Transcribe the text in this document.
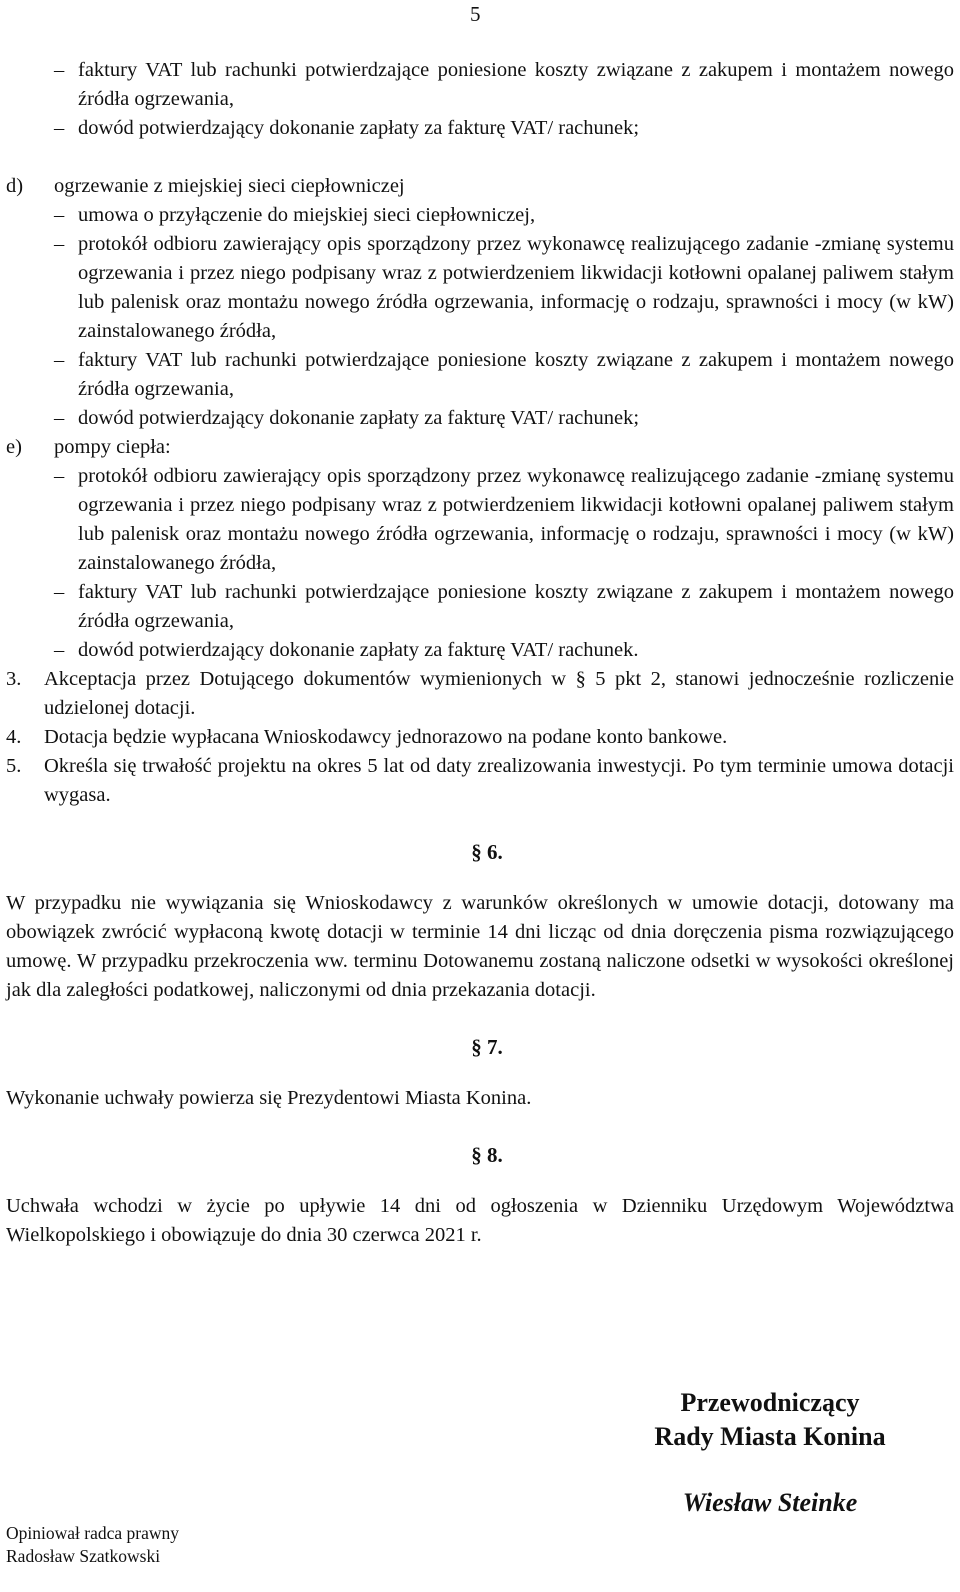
5
– faktury VAT lub rachunki potwierdzające poniesione koszty związane z zakupem i montażem nowego źródła ogrzewania,
– dowód potwierdzający dokonanie zapłaty za fakturę VAT/ rachunek;
d) ogrzewanie z miejskiej sieci ciepłowniczej
– umowa o przyłączenie do miejskiej sieci ciepłowniczej,
– protokół odbioru zawierający opis sporządzony przez wykonawcę realizującego zadanie -zmianę systemu ogrzewania i przez niego podpisany wraz z potwierdzeniem likwidacji kotłowni opalanej paliwem stałym lub palenisk oraz montażu nowego źródła ogrzewania, informację o rodzaju, sprawności i mocy (w kW) zainstalowanego źródła,
– faktury VAT lub rachunki potwierdzające poniesione koszty związane z zakupem i montażem nowego źródła ogrzewania,
– dowód potwierdzający dokonanie zapłaty za fakturę VAT/ rachunek;
e) pompy ciepła:
– protokół odbioru zawierający opis sporządzony przez wykonawcę realizującego zadanie -zmianę systemu ogrzewania i przez niego podpisany wraz z potwierdzeniem likwidacji kotłowni opalanej paliwem stałym lub palenisk oraz montażu nowego źródła ogrzewania, informację o rodzaju, sprawności i mocy (w kW) zainstalowanego źródła,
– faktury VAT lub rachunki potwierdzające poniesione koszty związane z zakupem i montażem nowego źródła ogrzewania,
– dowód potwierdzający dokonanie zapłaty za fakturę VAT/ rachunek.
3. Akceptacja przez Dotującego dokumentów wymienionych w § 5 pkt 2, stanowi jednocześnie rozliczenie udzielonej dotacji.
4. Dotacja będzie wypłacana Wnioskodawcy jednorazowo na podane konto bankowe.
5. Określa się trwałość projektu na okres 5 lat od daty zrealizowania inwestycji. Po tym terminie umowa dotacji wygasa.
§ 6.
W przypadku nie wywiązania się Wnioskodawcy z warunków określonych w umowie dotacji, dotowany ma obowiązek zwrócić wypłaconą kwotę dotacji w terminie 14 dni licząc od dnia doręczenia pisma rozwiązującego umowę. W przypadku przekroczenia ww. terminu Dotowanemu zostaną naliczone odsetki w wysokości określonej jak dla zaległości podatkowej, naliczonymi od dnia przekazania dotacji.
§ 7.
Wykonanie uchwały powierza się Prezydentowi Miasta Konina.
§ 8.
Uchwała wchodzi w życie po upływie 14 dni od ogłoszenia w Dzienniku Urzędowym Województwa Wielkopolskiego i obowiązuje do dnia 30 czerwca 2021 r.
Przewodniczący
Rady Miasta Konina
Wiesław Steinke
Opiniował radca prawny
Radosław Szatkowski
